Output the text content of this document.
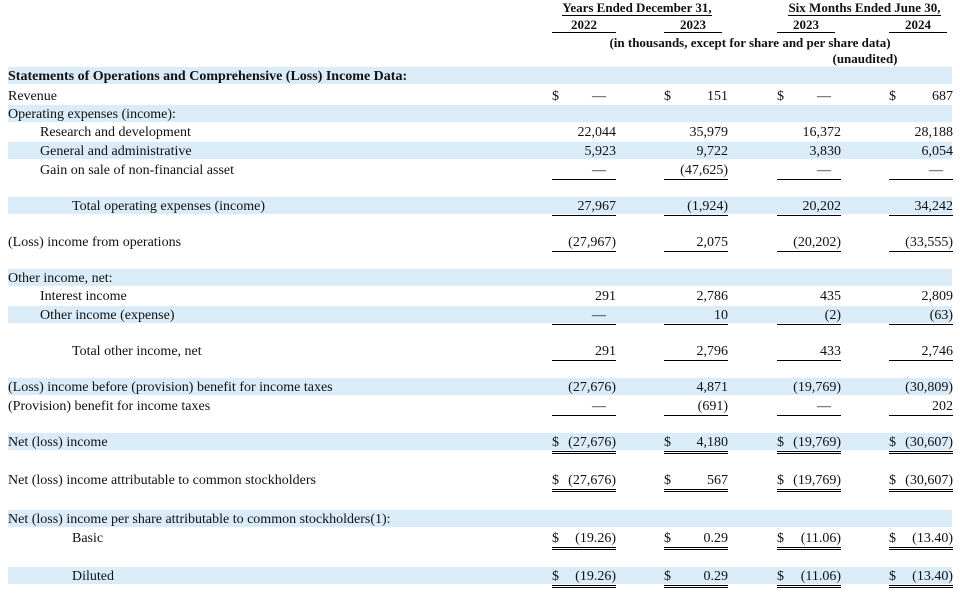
Years Ended December 31,	Six Months Ended June 30,
2022	2023	2023	2024
(in thousands, except for share and per share data)
(unaudited)
Statements of Operations and Comprehensive (Loss) Income Data:
Revenue	$ —	$	151	$ —	$	687
Operating expenses (income):
Research and development	22,044	35,979	16,372	28,188
General and administrative	5,923	9,722	3,830	6,054
Gain on sale of non-financial asset	—	(47,625)	—	—
Total operating expenses (income)	27,967	(1,924)	20,202	34,242
(Loss) income from operations	(27,967)	2,075	(20,202)	(33,555)
Other income, net:
Interest income	291	2,786	435	2,809
Other income (expense)	—	10	(2)	(63)
Total other income, net	291	2,796	433	2,746
(Loss) income before (provision) benefit for income taxes	(27,676)	4,871	(19,769)	(30,809)
(Provision) benefit for income taxes	—	(691)	—	202
Net (loss) income	$ (27,676)	$ 4,180	$ (19,769)	$ (30,607)
Net (loss) income attributable to common stockholders	$ (27,676)	$	567	$ (19,769)	$ (30,607)
Net (loss) income per share attributable to common stockholders(1):
Basic	$ (19.26)	$ 0.29	$ (11.06)	$ (13.40)
Diluted	$ (19.26)	$ 0.29	$ (11.06)	$ (13.40)
